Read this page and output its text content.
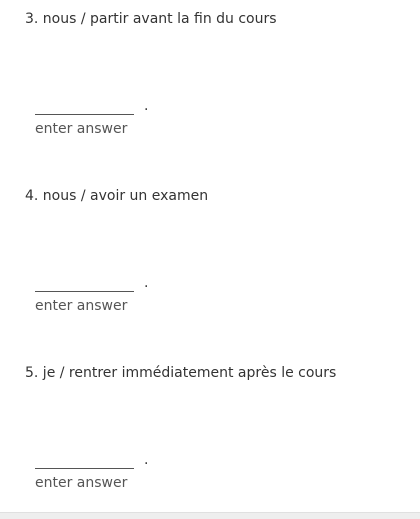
3. nous / partir avant la fin du cours
.
enter answer
4. nous / avoir un examen
.
enter answer
5. je / rentrer immédiatement après le cours
.
enter answer
